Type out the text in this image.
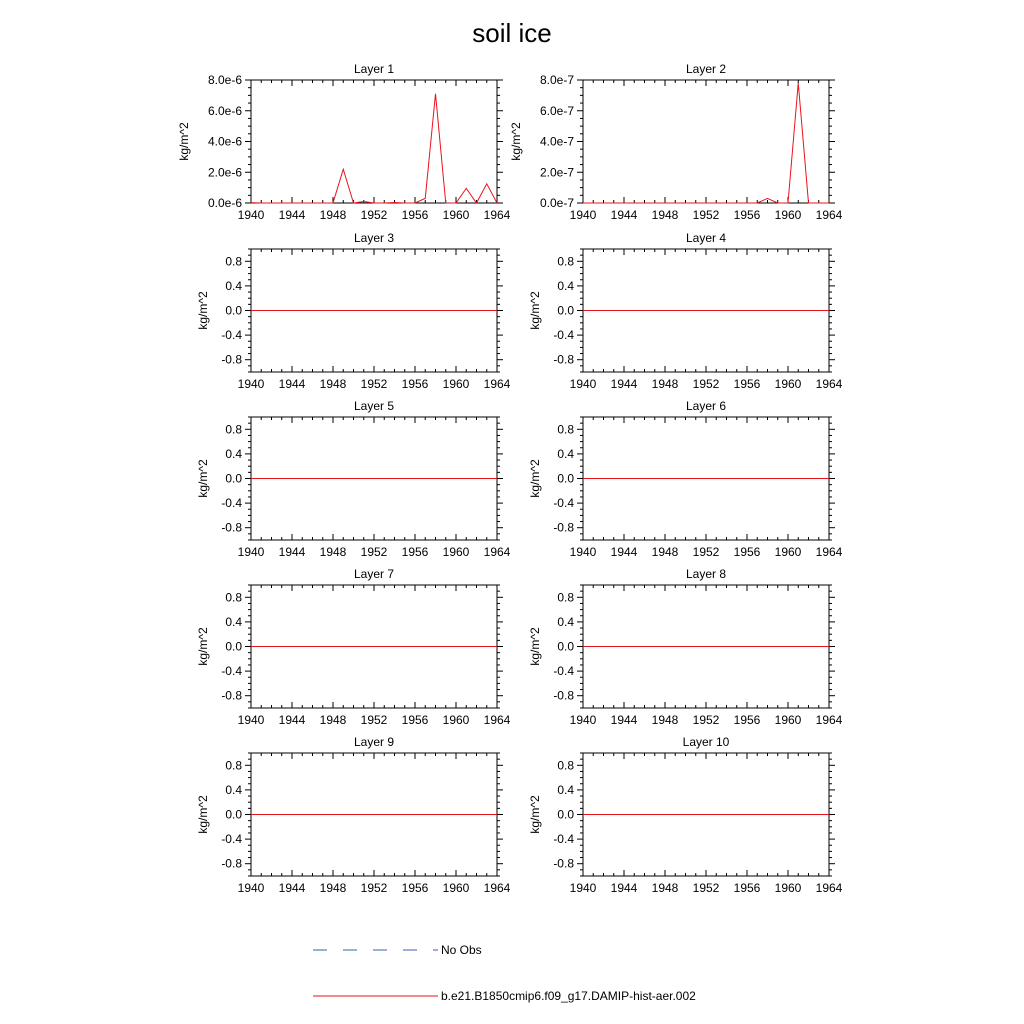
soil ice
Layer 1
1940 1944 1948 1952 1956 1960 1964
0.0e-6
2.0e-6
4.0e-6
6.0e-6
8.0e-6
kg/m^2
Layer 2
1940 1944 1948 1952 1956 1960 1964
0.0e-7
2.0e-7
4.0e-7
6.0e-7
8.0e-7
kg/m^2
Layer 3
1940 1944 1948 1952 1956 1960 1964
-0.8
-0.4
0.0
0.4
0.8
kg/m^2
Layer 4
1940 1944 1948 1952 1956 1960 1964
-0.8
-0.4
0.0
0.4
0.8
kg/m^2
Layer 5
1940 1944 1948 1952 1956 1960 1964
-0.8
-0.4
0.0
0.4
0.8
kg/m^2
Layer 6
1940 1944 1948 1952 1956 1960 1964
-0.8
-0.4
0.0
0.4
0.8
kg/m^2
Layer 7
1940 1944 1948 1952 1956 1960 1964
-0.8
-0.4
0.0
0.4
0.8
kg/m^2
Layer 8
1940 1944 1948 1952 1956 1960 1964
-0.8
-0.4
0.0
0.4
0.8
kg/m^2
Layer 9
1940 1944 1948 1952 1956 1960 1964
-0.8
-0.4
0.0
0.4
0.8
kg/m^2
Layer 10
1940 1944 1948 1952 1956 1960 1964
-0.8
-0.4
0.0
0.4
0.8
kg/m^2
No Obs
b.e21.B1850cmip6.f09_g17.DAMIP-hist-aer.002
